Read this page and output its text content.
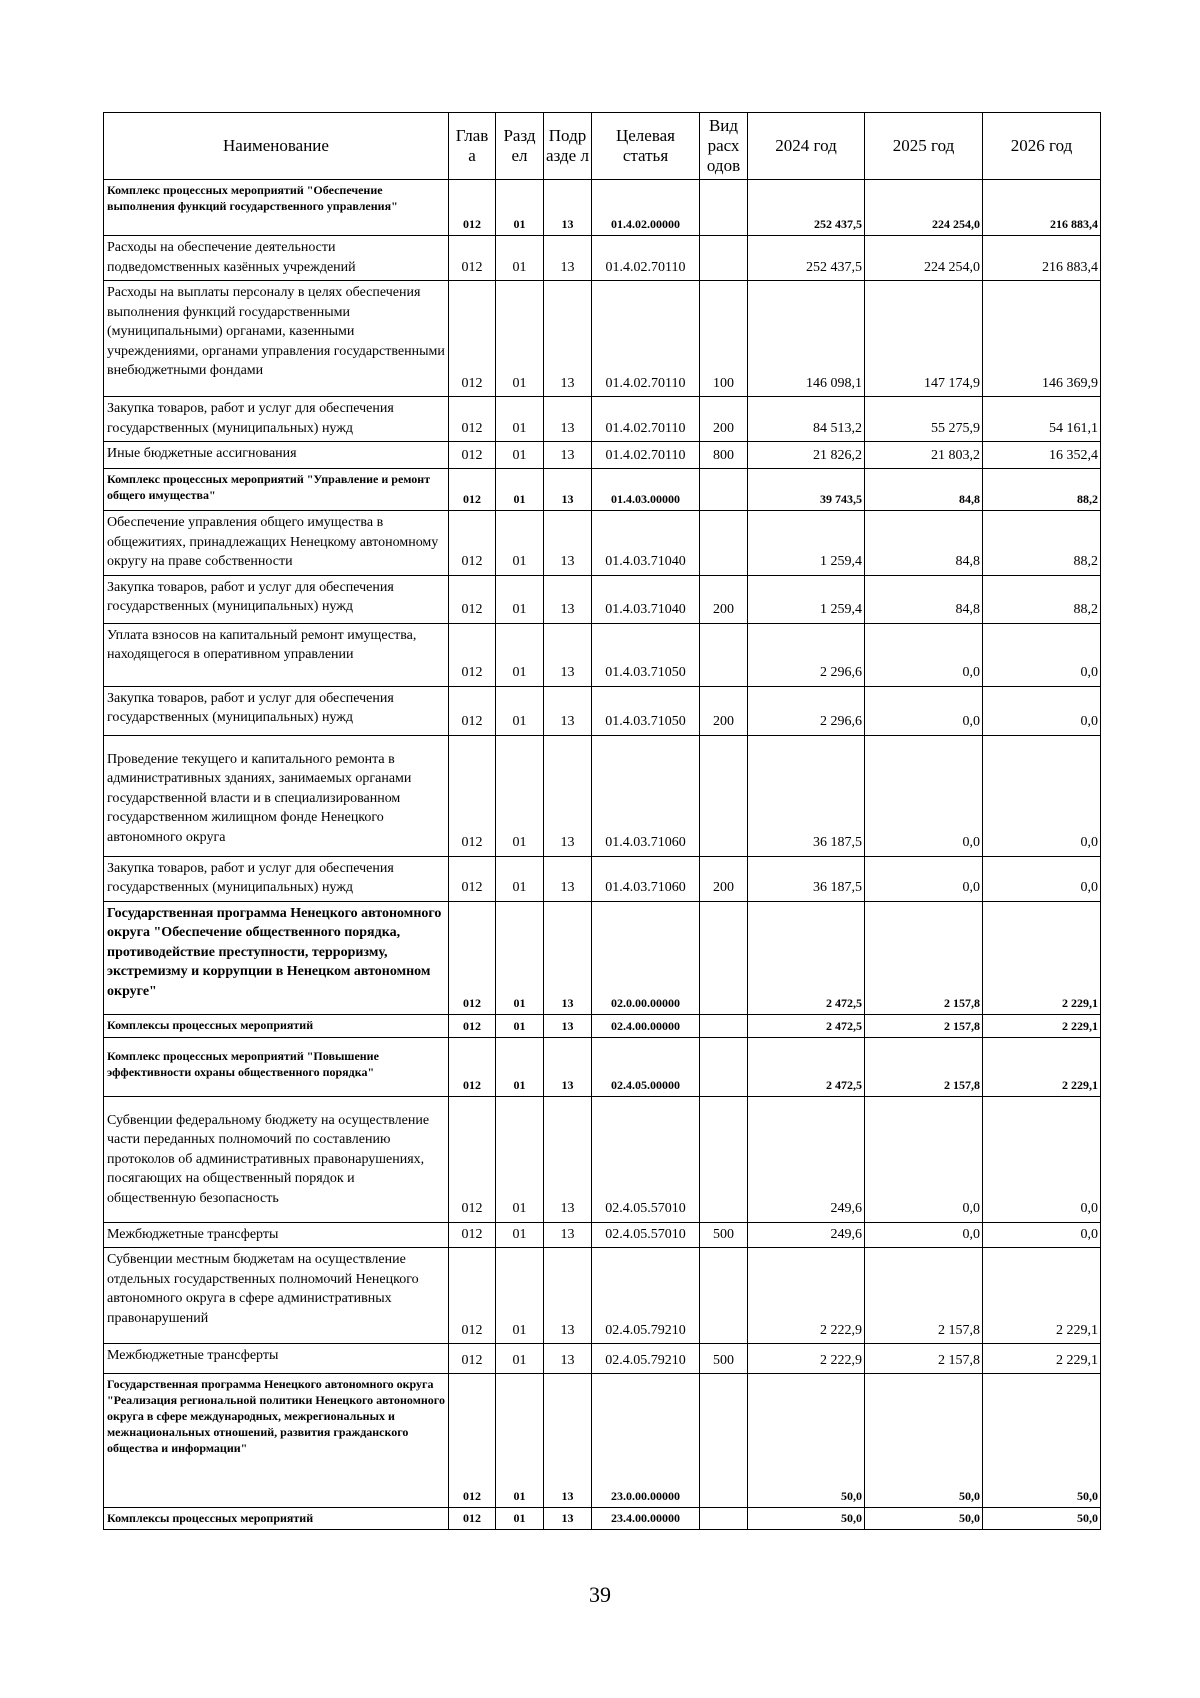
Наименование	Глав а	Разд ел	Подр азде л	Целевая статья	Вид расх одов	2024 год	2025 год	2026 год
Комплекс процессных мероприятий "Обеспечение выполнения функций государственного управления"	012	01	13	01.4.02.00000		252 437,5	224 254,0	216 883,4
Расходы на обеспечение деятельности подведомственных казённых учреждений	012	01	13	01.4.02.70110		252 437,5	224 254,0	216 883,4
Расходы на выплаты персоналу в целях обеспечения выполнения функций государственными (муниципальными) органами, казенными учреждениями, органами управления государственными внебюджетными фондами	012	01	13	01.4.02.70110	100	146 098,1	147 174,9	146 369,9
Закупка товаров, работ и услуг для обеспечения государственных (муниципальных) нужд	012	01	13	01.4.02.70110	200	84 513,2	55 275,9	54 161,1
Иные бюджетные ассигнования	012	01	13	01.4.02.70110	800	21 826,2	21 803,2	16 352,4
Комплекс процессных мероприятий "Управление и ремонт общего имущества"	012	01	13	01.4.03.00000		39 743,5	84,8	88,2
Обеспечение управления общего имущества в общежитиях, принадлежащих Ненецкому автономному округу на праве собственности	012	01	13	01.4.03.71040		1 259,4	84,8	88,2
Закупка товаров, работ и услуг для обеспечения государственных (муниципальных) нужд	012	01	13	01.4.03.71040	200	1 259,4	84,8	88,2
Уплата взносов на капитальный ремонт имущества, находящегося в оперативном управлении	012	01	13	01.4.03.71050		2 296,6	0,0	0,0
Закупка товаров, работ и услуг для обеспечения государственных (муниципальных) нужд	012	01	13	01.4.03.71050	200	2 296,6	0,0	0,0
Проведение текущего и капитального ремонта в административных зданиях, занимаемых органами государственной власти и в специализированном государственном жилищном фонде Ненецкого автономного округа	012	01	13	01.4.03.71060		36 187,5	0,0	0,0
Закупка товаров, работ и услуг для обеспечения государственных (муниципальных) нужд	012	01	13	01.4.03.71060	200	36 187,5	0,0	0,0
Государственная программа Ненецкого автономного округа "Обеспечение общественного порядка, противодействие преступности, терроризму, экстремизму и коррупции в Ненецком автономном округе"	012	01	13	02.0.00.00000		2 472,5	2 157,8	2 229,1
Комплексы процессных мероприятий	012	01	13	02.4.00.00000		2 472,5	2 157,8	2 229,1
Комплекс процессных мероприятий "Повышение эффективности охраны общественного порядка"	012	01	13	02.4.05.00000		2 472,5	2 157,8	2 229,1
Субвенции федеральному бюджету на осуществление части переданных полномочий по составлению протоколов об административных правонарушениях, посягающих на общественный порядок и общественную безопасность	012	01	13	02.4.05.57010		249,6	0,0	0,0
Межбюджетные трансферты	012	01	13	02.4.05.57010	500	249,6	0,0	0,0
Субвенции местным бюджетам на осуществление отдельных государственных полномочий Ненецкого автономного округа в сфере административных правонарушений	012	01	13	02.4.05.79210		2 222,9	2 157,8	2 229,1
Межбюджетные трансферты	012	01	13	02.4.05.79210	500	2 222,9	2 157,8	2 229,1
Государственная программа Ненецкого автономного округа "Реализация региональной политики Ненецкого автономного округа в сфере международных, межрегиональных и межнациональных отношений, развития гражданского общества и информации"	012	01	13	23.0.00.00000		50,0	50,0	50,0
Комплексы процессных мероприятий	012	01	13	23.4.00.00000		50,0	50,0	50,0
39
